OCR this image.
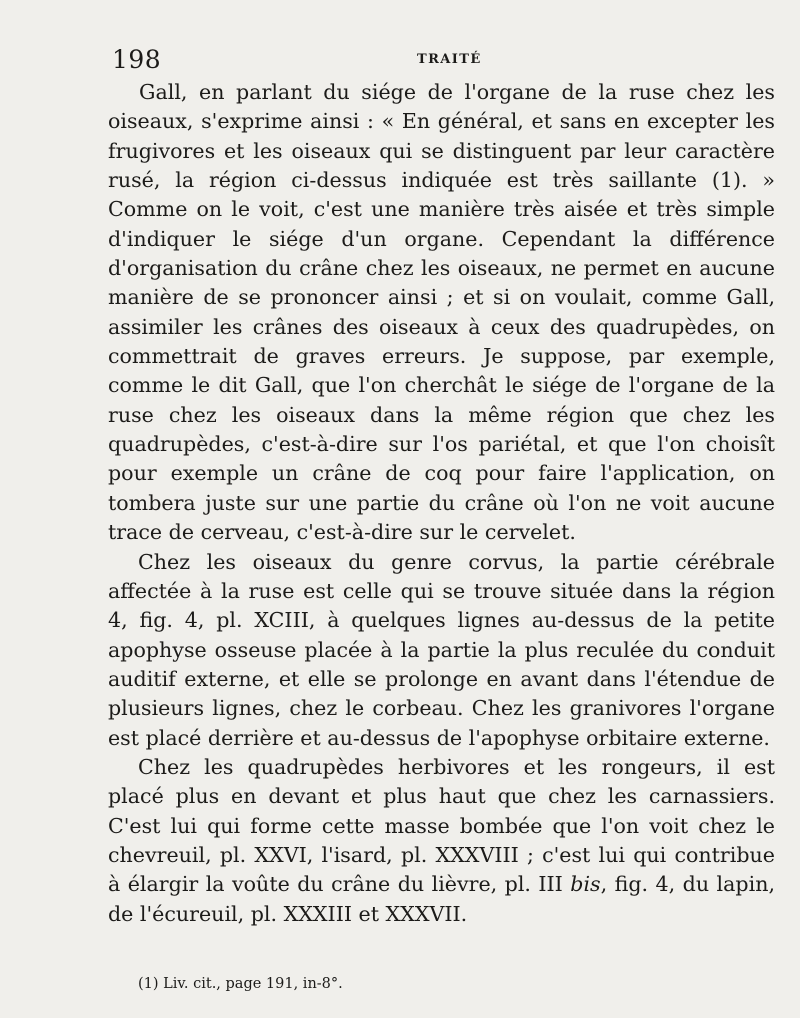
198	TRAITÉ

Gall, en parlant du siége de l'organe de la ruse chez les oiseaux, s'exprime ainsi : « En général, et sans en excepter les frugivores et les oiseaux qui se distinguent par leur caractère rusé, la région ci-dessus indiquée est très saillante (1). » Comme on le voit, c'est une manière très aisée et très simple d'indiquer le siége d'un organe. Cependant la différence d'organisation du crâne chez les oiseaux, ne permet en aucune manière de se prononcer ainsi ; et si on voulait, comme Gall, assimiler les crânes des oiseaux à ceux des quadrupèdes, on commettrait de graves erreurs. Je suppose, par exemple, comme le dit Gall, que l'on cherchât le siége de l'organe de la ruse chez les oiseaux dans la même région que chez les quadrupèdes, c'est-à-dire sur l'os pariétal, et que l'on choisît pour exemple un crâne de coq pour faire l'application, on tombera juste sur une partie du crâne où l'on ne voit aucune trace de cerveau, c'est-à-dire sur le cervelet.

Chez les oiseaux du genre corvus, la partie cérébrale affectée à la ruse est celle qui se trouve située dans la région 4, fig. 4, pl. XCIII, à quelques lignes au-dessus de la petite apophyse osseuse placée à la partie la plus reculée du conduit auditif externe, et elle se prolonge en avant dans l'étendue de plusieurs lignes, chez le corbeau. Chez les granivores l'organe est placé derrière et au-dessus de l'apophyse orbitaire externe.

Chez les quadrupèdes herbivores et les rongeurs, il est placé plus en devant et plus haut que chez les carnassiers. C'est lui qui forme cette masse bombée que l'on voit chez le chevreuil, pl. XXVI, l'isard, pl. XXXVIII ; c'est lui qui contribue à élargir la voûte du crâne du lièvre, pl. III bis, fig. 4, du lapin, de l'écureuil, pl. XXXIII et XXXVII.

(1) Liv. cit., page 191, in-8°.
